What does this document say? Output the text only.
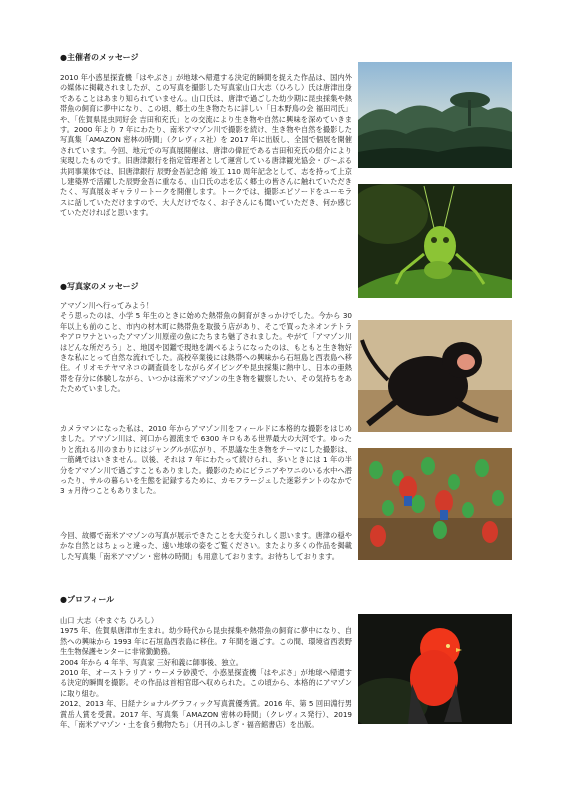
●主催者のメッセージ

2010 年小惑星探査機「はやぶさ」が地球へ帰還する決定的瞬間を捉えた作品は、国内外の媒体に掲載されましたが、この写真を撮影した写真家山口大志（ひろし）氏は唐津出身であることはあまり知られていません。山口氏は、唐津で過ごした幼少期に昆虫採集や熱帯魚の飼育に夢中になり、この頃、郷土の生き物たちに詳しい「日本野鳥の会 福田司氏」や、「佐賀県昆虫同好会 吉田和充氏」との交流により生き物や自然に興味を深めていきます。2000 年より 7 年にわたり、南米アマゾン川で撮影を続け、生き物や自然を撮影した写真集「AMAZON 密林の時間」（クレヴィス社）を 2017 年に出版し、全国で個展を開催されています。今回、地元での写真展開催は、唐津の偉匠である吉田和充氏の紹介により実現したものです。旧唐津銀行を指定管理者として運営している唐津観光協会・ぴ～ぷる共同事業体では、旧唐津銀行 辰野金吾記念館 竣工 110 周年記念として、志を持って上京し建築界で活躍した辰野金吾に重なる、山口氏の志を広く郷土の皆さんに触れていただきたく、写真展＆ギャラリートークを開催します。トークでは、撮影エピソードをユーモラスに話していただけますので、大人だけでなく、お子さんにも聞いていただき、何か感じていただければと思います。

●写真家のメッセージ

アマゾン川へ行ってみよう！
そう思ったのは、小学 5 年生のときに始めた熱帯魚の飼育がきっかけでした。今から 30 年以上も前のこと、市内の材木町に熱帯魚を取扱う店があり、そこで買ったネオンテトラやアロワナといったアマゾン川原産の魚にたちまち魅了されました。やがて「アマゾン川はどんな所だろう」と、地図や図鑑で現地を調べるようになったのは、もともと生き物好きな私にとって自然な流れでした。高校卒業後には熱帯への興味から石垣島と西表島へ移住。イリオモテヤマネコの調査員をしながらダイビングや昆虫採集に熱中し、日本の亜熱帯を存分に体験しながら、いつかは南米アマゾンの生き物を観察したい、その気持ちをあたためていました。

カメラマンになった私は、2010 年からアマゾン川をフィールドに本格的な撮影をはじめました。アマゾン川は、河口から源流まで 6300 キロもある世界最大の大河です。ゆったりと流れる川のまわりにはジャングルが広がり、不思議な生き物をテーマにした撮影は、一筋縄ではいきません。以後、それは 7 年にわたって続けられ、多いときには 1 年の半分をアマゾン川で過ごすこともありました。撮影のためにピラニアやワニのいる水中へ潜ったり、サルの暮らいを生態を記録するために、カモフラージュした迷彩テントのなかで 3 ヵ月待つこともありました。

今回、故郷で南米アマゾンの写真が展示できたことを大変うれしく思います。唐津の穏やかな自然とはちょっと違った、遠い地球の姿をご覧ください。またより多くの作品を掲載した写真集「南米アマゾン・密林の時間」も用意しております。お待ちしております。

●プロフィール

山口 大志（やまぐち ひろし）
1975 年、佐賀県唐津市生まれ。幼少時代から昆虫採集や熱帯魚の飼育に夢中になり、自然への興味から 1993 年に石垣島西表島に移住。7 年間を過ごす。この間、環境省西表野生生物保護センターに非常勤勤務。
2004 年から 4 年半、写真家 三好和義に師事後、独立。
2010 年、オーストラリア・ウーメラ砂漠で、小惑星探査機「はやぶさ」が地球へ帰還する決定的瞬間を撮影。その作品は首相官邸へ収められた。この頃から、本格的にアマゾンに取り組む。
2012、2013 年、日経ナショナルグラフィック写真賞優秀賞。2016 年、第 5 回田淵行男賞岳人賞を受賞。2017 年、写真集「AMAZON 密林の時間」（クレヴィス発行）、2019 年、「南米アマゾン・土を食う動物たち」（月刊のふしぎ・福音館書店）を出版。
